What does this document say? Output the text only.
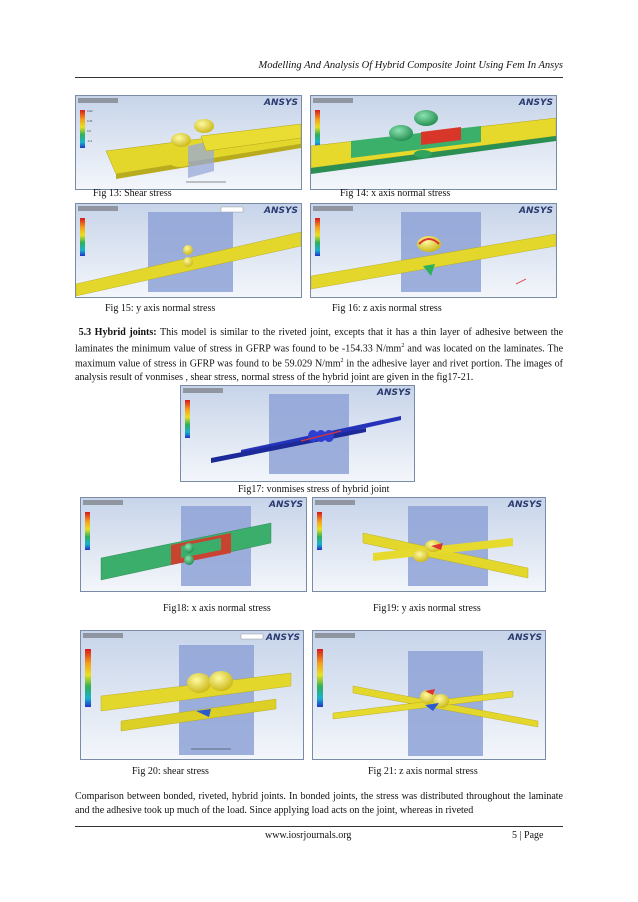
Modelling And Analysis Of Hybrid Composite Joint Using Fem In Ansys
0.62
0.31
0.0
-0.4
ANSYS
Fig 13: Shear stress
ANSYS
Fig 14: x axis normal stress
ANSYS
Fig 15: y axis normal stress
ANSYS
Fig 16: z axis normal stress
5.3 Hybrid joints: This model is similar to the riveted joint, excepts that it has a thin layer of adhesive between the laminates the minimum value of stress in GFRP was found to be -154.33 $N/mm^2$ and was located on the laminates. The maximum value of stress in GFRP was found to be 59.029 $N/mm^2$ in the adhesive layer and rivet portion. The images of analysis result of vonmises , shear stress, normal stress of the hybrid joint are given in the fig17-21.
ANSYS
Fig17: vonmises stress of hybrid joint
ANSYS
Fig18: x axis normal stress
ANSYS
Fig19: y axis normal stress
ANSYS
Fig 20: shear stress
ANSYS
Fig 21: z axis normal stress
Comparison between bonded, riveted, hybrid joints. In bonded joints, the stress was distributed throughout the laminate and the adhesive took up much of the load. Since applying load acts on the joint, whereas in riveted
www.iosrjournals.org	5 | Page
